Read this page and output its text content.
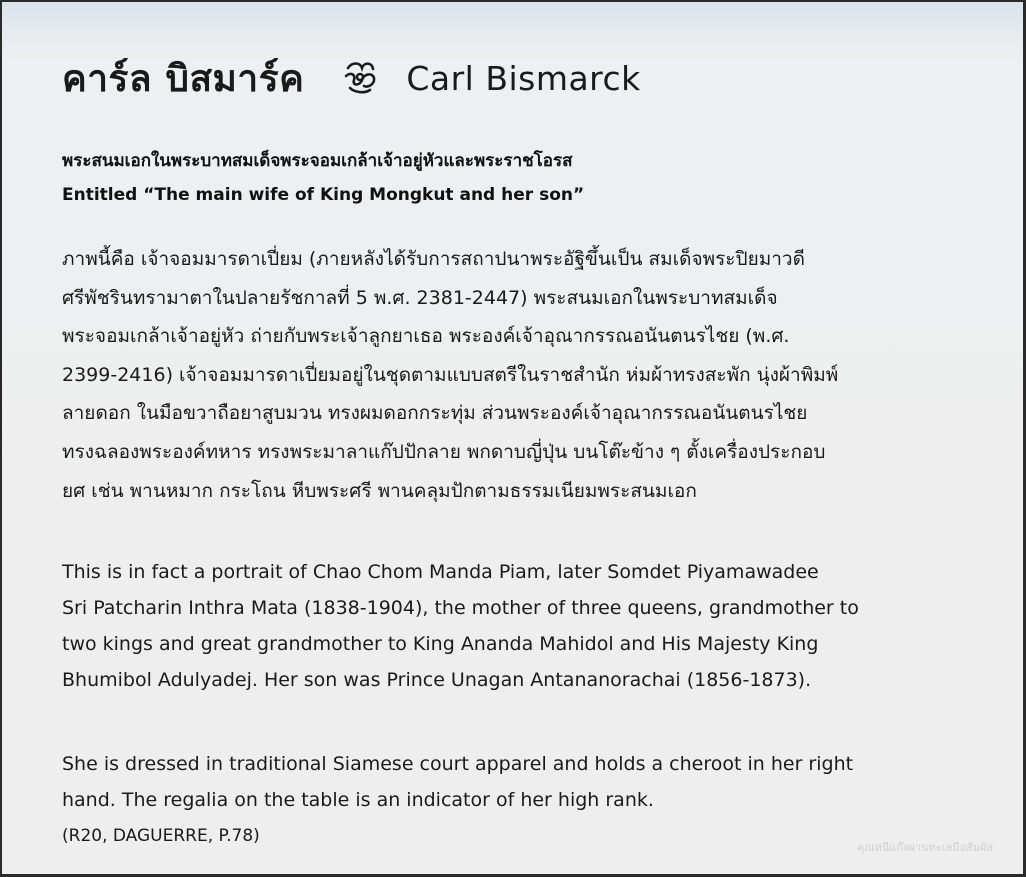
คาร์ล บิสมาร์ค	Carl Bismarck
พระสนมเอกในพระบาทสมเด็จพระจอมเกล้าเจ้าอยู่หัวและพระราชโอรส
Entitled “The main wife of King Mongkut and her son”
ภาพนี้คือ เจ้าจอมมารดาเปี่ยม (ภายหลังได้รับการสถาปนาพระอัฐิขึ้นเป็น สมเด็จพระปิยมาวดี
ศรีพัชรินทรามาตาในปลายรัชกาลที่ 5 พ.ศ. 2381-2447) พระสนมเอกในพระบาทสมเด็จ
พระจอมเกล้าเจ้าอยู่หัว ถ่ายกับพระเจ้าลูกยาเธอ พระองค์เจ้าอุณากรรณอนันตนรไชย (พ.ศ.
2399-2416) เจ้าจอมมารดาเปี่ยมอยู่ในชุดตามแบบสตรีในราชสำนัก ห่มผ้าทรงสะพัก นุ่งผ้าพิมพ์
ลายดอก ในมือขวาถือยาสูบมวน ทรงผมดอกกระทุ่ม ส่วนพระองค์เจ้าอุณากรรณอนันตนรไชย
ทรงฉลองพระองค์ทหาร ทรงพระมาลาแก๊ปปักลาย พกดาบญี่ปุ่น บนโต๊ะข้าง ๆ ตั้งเครื่องประกอบ
ยศ เช่น พานหมาก กระโถน หีบพระศรี พานคลุมปักตามธรรมเนียมพระสนมเอก
This is in fact a portrait of Chao Chom Manda Piam, later Somdet Piyamawadee
Sri Patcharin Inthra Mata (1838-1904), the mother of three queens, grandmother to
two kings and great grandmother to King Ananda Mahidol and His Majesty King
Bhumibol Adulyadej. Her son was Prince Unagan Antananorachai (1856-1873).
She is dressed in traditional Siamese court apparel and holds a cheroot in her right
hand. The regalia on the table is an indicator of her high rank.
(R20, DAGUERRE, P.78)
คุณหนีแก๊งผ่านทะเลมือสัมผัส
